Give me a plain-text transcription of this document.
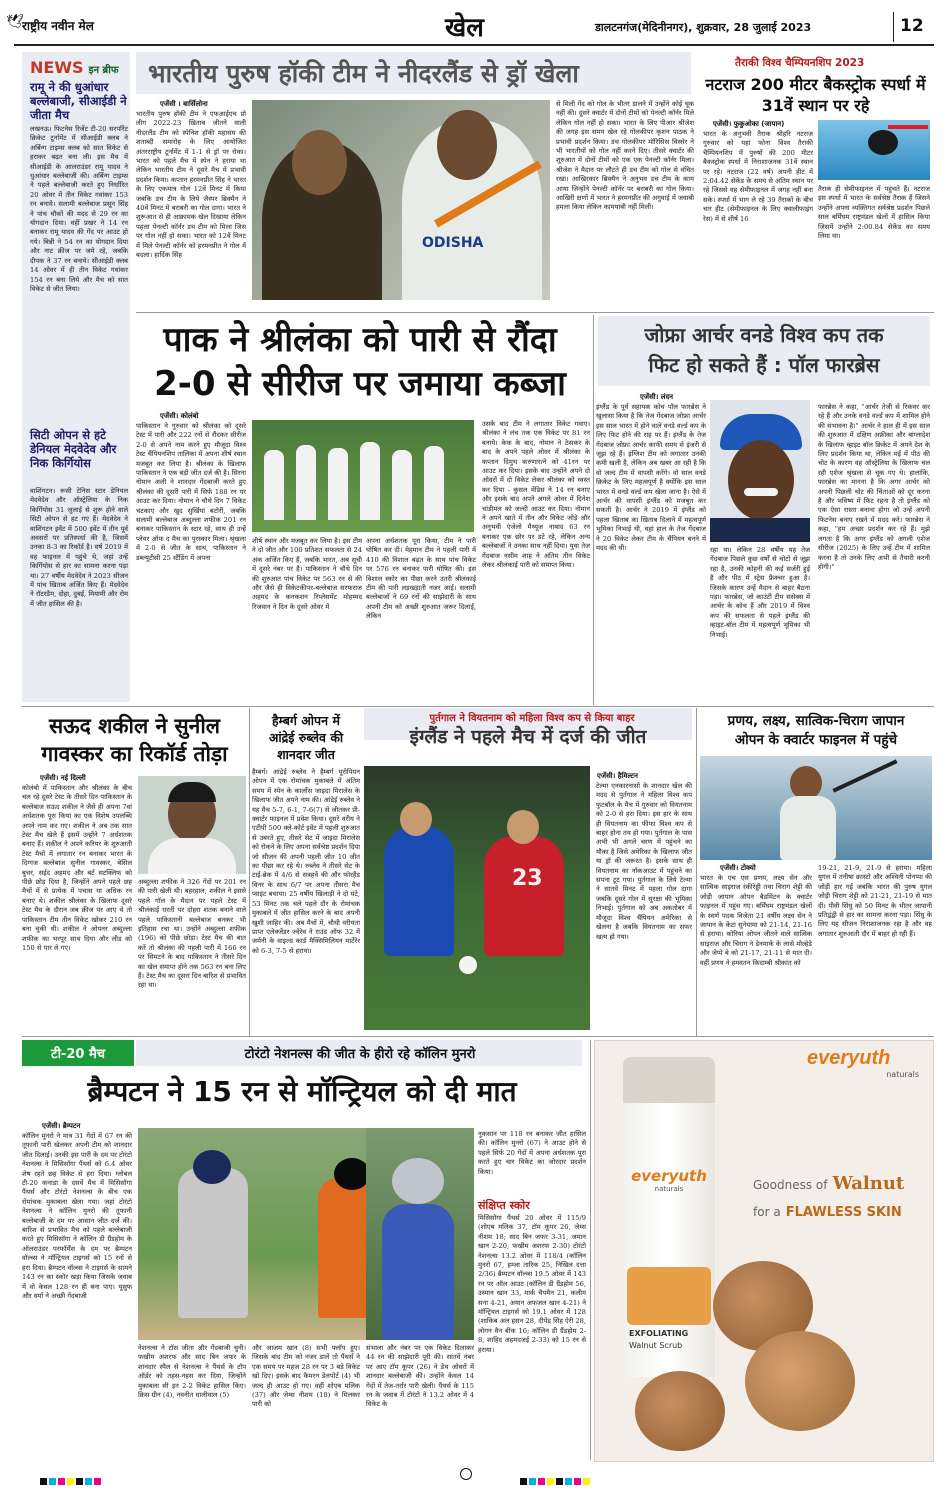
राष्ट्रीय नवीन मेल
🕊	खेल	डालटनगंज(मेदिनीनगर), शुक्रवार, 28 जुलाई 2023	12
NEWS इन ब्रीफ
रामू ने की धुआंधार बल्लेबाजी, सीआईडी ने जीता मैच
लखनऊ। फिटनेस रिजेंट टी-20 सरपरिंट क्रिकेट टूर्नामेंट में सीआईडी क्लब ने अर्बिन्ग टाइम्स क्लब को सात विकेट से हराकर बढ़त बना ली। इस मैच में सीआईडी के आलराउंडर रामू यादव ने धुआंधार बल्लेबाजी की। अर्बिन्ग टाइम्स ने पहले बल्लेबाजी करते हुए निर्धारित 20 ओवर में तीन विकेट गवांकर 153 रन बनाये। सलामी बल्लेबाज प्रसून सिंह ने पांच चौकों की मदद से 29 रन का योगदान दिया। वहीं प्रखर ने 14 रन बनाकर रामू यादव की गेंद पर आउट हो गये। बिन्नी ने 54 रन का योगदान दिया और नाट क्रीज पर जमे रहे, जबकि दीपक ने 37 रन बनाये। सीआईडी क्लब 14 ओवर में ही तीन विकेट गवांकर 154 रन बना लिये और मैच को सात विकेट से जीत लिया।
सिटी ओपन से हटे डेनियल मेदवेदेव और निक किर्गियोस
वाशिंगटन। रूसी टेनिस स्टार डेनियल मेदवेदेव और ऑस्ट्रेलिया के निक किर्गियोस 31 जुलाई से शुरू होने वाले सिटी ओपन से हट गए हैं। मेदवेदेव ने वाशिंगटन इवेंट में 500 इवेंट में तीन पूर्व अवसरों पर प्रतिस्पर्धा की है, जिसमें उनका 8-3 का रिकॉर्ड है। वर्ष 2019 में वह फाइनल में पहुंचे थे, जहां उन्हें किर्गियोस से हार का सामना करना पड़ा था। 27 वर्षीय मेदवेदेव ने 2023 सीजन में पांच खिताब अर्जित किए हैं। मेदवेदेव ने रॉटरडैम, दोहा, दुबई, मियामी और रोम में जीत हासिल की है।
भारतीय पुरुष हॉकी टीम ने नीदरलैंड से ड्रॉ खेला
एजेंसी । बार्सिलोना
भारतीय पुरुष हॉकी टीम ने एफआईएच प्रो लीग 2022-23 खिताब जीतने वाली नीदरलैंड टीम को स्पेनिश हॉकी महासंघ की शताब्दी समारोह के लिए आयोजित अंतरराष्ट्रीय टूर्नामेंट में 1-1 से ड्रॉ पर रोका। भारत को पहले मैच में स्पेन ने हराया था लेकिन भारतीय टीम ने दूसरे मैच में प्रभावी प्रदर्शन किया। कप्तान हरमनप्रीत सिंह ने भारत के लिए एकमात्र गोल 12वें मिनट में किया जबकि डच टीम के लिये जैस्पर ब्रिक्मैन ने 40वें मिनट में बराबरी का गोल दागा। भारत ने शुरूआत से ही आक्रामक खेल दिखाया लेकिन पहला पेनल्टी कॉर्नर डच टीम को मिला जिस पर गोल नहीं हो सका। भारत को 12वें मिनट में मिले पेनल्टी कॉर्नर को हरमनप्रीत ने गोल में बदला। हार्दिक सिंह
ODISHA
से मिली गेंद को गोल के भीतर डालने में उन्होंने कोई चूक नहीं की। दूसरे क्वार्टर में दोनों टीमों को पेनल्टी कॉर्नर मिले लेकिन गोल नहीं हो सका। भारत के लिए पीआर श्रीजेश की जगह इस समय खेल रहे गोलकीपर कृशन पाठक ने प्रभावी प्रदर्शन किया। डच गोलकीपर मॉरिसिस विस्सेर ने भी भारतीयों को गोल नहीं करने दिए। तीसरे क्वार्टर की शुरुआत में दोनों टीमों को एक एक पेनल्टी कॉर्नर मिला। श्रीजेश ने मैदान पर लौटते ही डच टीम को गोल से वंचित रखा। आखिरकार ब्रिक्मैन ने अनुभव डच टीम के काम आया जिन्होंने पेनल्टी कॉर्नर पर बराबरी का गोल किया। आखिरी क्षणों में भारत ने हरमनप्रीत की अगुवाई में जवाबी हमला किया लेकिन कामयाबी नहीं मिली।
तैराकी विश्व चैम्पियनशिप 2023
नटराज 200 मीटर बैकस्ट्रोक स्पर्धा में 31वें स्थान पर रहे
एजेंसी। फुकुओका (जापान)
भारत के अनुभवी तैराक श्रीहरि नटराज गुरुवार को यहां फोना विश्व तैराकी चैम्पियनशिप में पुरुषों की 200 मीटर बैकस्ट्रोक स्पर्धा में निराशाजनक 31वें स्थान पर रहे। नटराज (22 वर्ष) अपनी हीट में 2:04.42 सेकेंड के समय से अंतिम स्थान पर रहे जिससे वह सेमीफाइनल में जगह नहीं बना सके। स्पर्धा में भाग ले रहे 39 तैराकों के बीच चार हीट (सेमीफाइनल के लिए क्वालीफाइंग रेस) में से शीर्ष 16
तैराक ही सेमीफाइनल में पहुंचते हैं। नटराज इस स्पर्धा में भारत के सर्वश्रेष्ठ तैराक हैं जिसने उन्होंने अपना व्यक्तिगत सर्वश्रेष्ठ प्रदर्शन पिछले साल बर्मिंघम राष्ट्रमंडल खेलों में हासिल किया जिसमें उन्होंने 2:00.84 सेकेंड का समय लिया था।
पाक ने श्रीलंका को पारी से रौंदा
2-0 से सीरीज पर जमाया कब्जा
एजेंसी। कोलंबो
पाकिस्तान ने गुरुवार को श्रीलंका को दूसरे टेस्ट में पारी और 222 रनों से रौंदकर सीरीज 2-0 से अपने नाम करने हुए मौजूदा विश्व टेस्ट चैंपियनशिप तालिका में अपना शीर्ष स्थान मजबूत कर लिया है। श्रीलंका के खिलाफ पाकिस्तान ने एक बड़ी जीत दर्ज की है। सिरना नोमान अली ने शानदार गेंदबाजी करते हुए श्रीलंका की दूसरी पारी में सिर्फ 188 रन पर आउट कर दिया। नोमान ने चौथे दिन 7 विकेट चटकाए और खुद सुर्खियां बटोरीं, जबकि सलामी बल्लेबाज अब्दुल्ला शफीक 201 रन बनाकर पाकिस्तान के स्टार रहे, साथ ही उन्हें प्लेयर ऑफ द मैच का पुरस्कार मिला। श्रृंखला में 2-0 से जीत के साथ, पाकिस्तान ने डब्ल्यूटीसी 25 स्टैंडिंग में अपना
शीर्ष स्थान और मजबूत कर लिया है। इस टीम ने दो जीत और 100 प्रतिशत सफलता से 24 अंक अर्जित किए हैं, जबकि भारत, अब सूची में दूसरे नंबर पर है। पाकिस्तान ने चौथे दिन की शुरुआत पांच विकेट पर 563 रन से की और जैसे ही विकेटकीपर-बल्लेबाज सरफराज अहमद के कनकशन रिप्लेसमेंट मोहम्मद रिजवान ने दिन के दूसरे ओवर में
अपना अर्धशतक पूरा किया, टीम ने पारी घोषित कर दी। मेहमान टीम ने पहली पारी में 410 की विशाल बढ़त के साथ पांच विकेट पर 576 रन बनाकर पारी घोषित की। इस विशाल स्कोर का पीछा करने उतरी श्रीलंकाई टीम की पारी लड़खड़ाती नजर आई। सलामी बल्लेबाजों ने 69 रनों की साझेदारी के साथ अपनी टीम को अच्छी शुरुआत जरूर दिलाई, लेकिन
उसके बाद टीम ने लगातार विकेट गवाए। श्रीलंका ने लंच तक एक विकेट पर 81 रन बनाये। केक के बाद, नोमान ने ठेसकर के बाद के अपने पहले ओवर में श्रीलंका के कप्तान दिमुथ करुणारत्ने को 41रन पर आउट कर दिया। इसके बाद उन्होंने अपने दो ओवरों में दो विकेट लेकर श्रीलंका को ध्वस्त कर दिया - कुसल मेंडिस ने 14 रन बनाए और इसके बाद अपने अगले ओवर में दिनेश चांडीमल को जल्दी आउट कर दिया। नोमान ने अपने खाते में तीन और विकेट जोड़े और अनुभवी एंजेलो मैथ्यूज नाबाद 63 रन बनाकर एक छोर पर डटे रहे, लेकिन अन्य बल्लेबाजों ने उनका साथ नहीं दिया। युवा तेज गेंदबाज नसीम शाह ने अंतिम तीन विकेट लेकर श्रीलंकाई पारी को समाप्त किया।
जोफ्रा आर्चर वनडे विश्व कप तक
फिट हो सकते हैं : पॉल फारब्रेस
एजेंसी। लंदन
इंग्लैंड के पूर्व सहायक कोच पॉल फारब्रेस ने खुलासा किया है कि तेज गेंदबाज जोफ्रा आर्चर इस साल भारत में होने वाले वनडे वर्ल्ड कप के लिए फिट होने की राह पर हैं। इंग्लैंड के तेज गेंदबाज जोफ्रा आर्चर काफी समय से इंजरी से जूझ रहे हैं। इंग्लिश टीम को लगातार उनकी कमी खली है, लेकिन अब खबर आ रही है कि वो जल्द टीम में वापसी करेंगे। वो साल वनडे क्रिकेट के लिए महत्वपूर्ण है क्योंकि इस साल भारत में वनडे वर्ल्ड कप खेला जाना है। ऐसे में आर्चर की वापसी इंग्लैंड को मजबूत कर सकती है। आर्चर ने 2019 में इंग्लैंड को पहला खिताब का खिताब दिलाने में महत्वपूर्ण भूमिका निभाई थी, वहां हाल के तेज गेंदबाज ने 20 विकेट लेकर टीम के चैंपियन बनने में मदद की थी।	रहा था। लेकिन 28 वर्षीय यह तेज गेंदबाज पिछले कुछ वर्षों से चोटों से जूझ रहा है, उनकी कोहनी की कई सर्जरी हुई है और पीठ में स्ट्रेस फ्रैक्चर हुआ है। जिसके कारण उन्हें मैदान से बाहर बैठना पड़ा। फारब्रेस, जो काउंटी टीम ससेक्स में आर्चर के कोच हैं और 2019 में विश्व कप की सफलता से पहले इंग्लैंड की व्हाइट-बॉल टीम में महत्वपूर्ण भूमिका भी निभाई।
फारब्रेस ने कहा, "आर्चर तेजी से रिकवर कर रहे हैं और उनके वनडे वर्ल्ड कप में शामिल होने की संभावना है।" आर्चर ने हाल ही में इस साल की शुरुआत में दक्षिण अफ्रीका और बांग्लादेश के खिलाफ व्हाइट बॉल क्रिकेट में अपने देश के लिए प्रदर्शन किया था, लेकिन मई में पीठ की चोट के कारण वह ऑस्ट्रेलिया के खिलाफ चल रही एशेज श्रृंखला से चूक गए थे। हालांकि, फारब्रेस का मानना है कि अगर आर्चर को अपनी पिछली चोट की चिंताओं को दूर करना है और भविष्य में फिट रहना है तो इंग्लैंड को एक ऐसा रास्ता बनाना होगा जो उन्हें अपनी फिटनेस बनाए रखने में मदद करे। फारब्रेस ने कहा, "हम अच्छा प्रदर्शन कर रहे हैं। मुझे लगता है कि अगर इंग्लैंड को अगली एशेज सीरीज (2025) के लिए उन्हें टीम में शामिल करना है तो उनके लिए अभी से तैयारी करनी होगी।"
सऊद शकील ने सुनील
गावस्कर का रिकॉर्ड तोड़ा
एजेंसी। नई दिल्ली
कोलंबो में पाकिस्तान और श्रीलंका के बीच चल रहे दूसरे टेस्ट के तीसरे दिन पाकिस्तान के बल्लेबाज सऊद शकील ने जैसे ही अपना 7वां अर्धशतक पूरा किया का एक विशेष उपलब्धि अपने नाम कर गए। शकील ने अब तक सात टेस्ट मैच खेले हैं इसमें उन्होंने 7 अर्धशतक बनाए हैं। शकील ने अपने करियर के शुरुआती टेस्ट मैचों में लगातार रन बनाकर भारत के दिग्गज बल्लेबाज सुनील गावस्कर, बेसिल बुचर, सईद अहमद और बर्ट सटक्लिफ को पीछे छोड़ दिया है, जिन्होंने अपने पहले छह मैचों में से प्रत्येक में पचास या अधिक रन बनाए थे। शकील श्रीलंका के खिलाफ दूसरे टेस्ट मैच के दौरान जब क्रीज पर आए थे तो पाकिस्तान टीम तीन विकेट खोकर 210 रन बना चुकी थी। शकील ने ओपनर अब्दुल्ला शफीक का भरपूर साथ दिया और लीड को 150 से पार ले गए।
अब्दुल्ला शफीक ने 326 गेंदों पर 201 रन की पारी खेली थी। बहरहाल, शकील ने इससे पहले गॉल के मैदान पर पहले टेस्ट में श्रीलंकाई धरती पर दोहरा शतक बनाने वाले पहले पाकिस्तानी बल्लेबाज बनकर भी इतिहास रचा था। उन्होंने अब्दुल्ला शफीक (196) को पीछे छोड़ा। टेस्ट मैच की बात करें तो श्रीलंका की पहली पारी में 166 रन पर सिमटने के बाद पाकिस्तान ने तीसरे दिन का खेल समाप्त होने तक 563 रन बना लिए हैं। टेस्ट मैच का दूसरा दिन बारिश से प्रभावित रहा था।
हैम्बर्ग ओपन में
आंद्रेई रुब्लेव की
शानदार जीत
हैम्बर्ग। आंद्रेई रुब्लेव ने हैम्बर्ग यूरोपियन ओपन में एक रोमांचक मुकाबले में अंतिम समय में स्पेन के कार्लोस जाइदा मिरालेस के खिलाफ जीत अपने नाम की। आंद्रेई रुब्लेव ने यह मैच 5-7, 6-1, 7-6(7) से जीतकर प्री-क्वार्टर फाइनल में प्रवेश किया। दूसरे वरीय ने एटीपी 500 क्ले-कोर्ट इवेंट में पहली शुरुआत से उबरते हुए, तीसरे सेट में जाइदा मिरालेस को रोकने के लिए अपना सर्वश्रेष्ठ प्रदर्शन दिया जो सीजन की अपनी पहली जीत 10 जीत का पीछा कर रहे थे। रुब्लेव ने तीसरे सेट के टाई-ब्रेक में 4/6 से सत्रहवें की और फोरहैंड विनर के साथ 6/7 पर अपना तीसरा मैच प्वाइंट बचाया। 25 वर्षीय खिलाड़ी ने दो घंटे, 53 मिनट तक चले पहले दौर के रोमांचक मुकाबले में जीत हासिल करने के बाद अपनी खुशी जाहिर की। अब मैचों में, चौथी वरीयता प्राप्त एलेक्जेंडर ज्वेरेव ने राउंड ऑफ 32 में जर्मनी के वाइल्ड कार्ड मैक्सिमिलियन मार्टेरेर को 6-3, 7-5 से हराया।
पुर्तगाल ने वियतनाम को महिला विश्व कप से किया बाहर
इंग्लैंड ने पहले मैच में दर्ज की जीत
23
एजेंसी। हैमिल्टन
टेल्मा एनकारनासो के शानदार खेल की मदद से पुर्तगाल ने महिला विश्व कप फुटबॉल के मैच में गुरुवार को वियतनाम को 2-0 से हरा दिया। इस हार के साथ ही वियतनाम का फीफा विश्व कप से बाहर होना तय हो गया। पुर्तगाल के पास अभी भी अगले चरण में पहुंचने का मौका है जिसे अमेरिका के खिलाफ जीत या ड्रॉ की जरूरत है। इसके साथ ही वियतनाम का नॉकआउट में पहुंचने का सपना टूट गया। पुर्तगाल के लिये टेल्मा ने सातवें मिनट में पहला गोल दागा जबकि दूसरे गोल में सुरक्षा की भूमिका निभाई। पुर्तगाल को अब अकतोबर में मौजूदा विश्व चैंपियन अमेरिका से खेलना है जबकि वियतनाम का सफर खत्म हो गया।
प्रणय, लक्ष्य, सात्विक-चिराग जापान
ओपन के क्वार्टर फाइनल में पहुंचे
एजेंसी। टोक्यो
भारत के एच एस प्रणय, लक्ष्य सेन और सात्विक साइराज रंकीरेड्डी तथा चिराग शेट्टी की जोड़ी जापान ओपन बैडमिंटन के क्वार्टर फाइनल में पहुंच गए। बर्मिंघम राष्ट्रमंडल खेलों के स्वर्ण पदक विजेता 21 वर्षीय लक्ष्य सेन ने जापान के केंटा सुनेयामा को 21-14, 21-16 से हराया। कोरिया ओपन जीतने वाले सात्विक साइराज और चिराग ने डेनमार्क के लासे मोल्हेडे और जेप्पे बे को 21-17, 21-11 से मात दी। वहीं प्रणय ने हमवतन किदाम्बी श्रीकांत को
19-21, 21-9, 21-9 से हराया। महिला युगल में तनीषा क्रास्टो और अश्विनी पोनप्पा की जोड़ी हार गई जबकि भारत की पुरुष युगल जोड़ी चिराग शेट्टी को 21-21, 21-19 से मात दी। पीवी सिंधु को 50 मिनट के भीतर जापानी प्रतिद्वंद्वी से हार का सामना करना पड़ा। सिंधु के लिए यह सीजन निराशाजनक रहा है और वह लगातार शुरुआती दौर में बाहर हो रही हैं।
टी-20 मैच	टोरंटो नेशनल्स की जीत के हीरो रहे कॉलिन मुनरो
ब्रैम्पटन ने 15 रन से मॉन्ट्रियल को दी मात
एजेंसी। ब्रैम्पटन
कॉलिन मुनरो ने मात्र 31 गेंदों में 67 रन की तूफानी पारी खेलकर अपनी टीम को शानदार जीत दिलाई। उनकी इस पारी के दम पर टोरंटो नेशनल्स ने मिसिसॉगा पैंथर्स को 6.4 ओवर शेष रहते छह विकेट से हरा दिया। ग्लोबल टी-20 कनाडा के दसवें मैच में मिसिसॉगा पैंथर्स और टोरंटो नेशनल्स के बीच एक रोमांचक मुकाबला खेला गया। जहां टोरंटो नेशनल्स ने कॉलिन मुनरो की तूफानी बल्लेबाजी के दम पर आसान जीत दर्ज की। बारिश से प्रभावित मैच को पहले बल्लेबाजी करते हुए मिसिसॉगा ने कॉलिन डी ग्रैंडहोम के ऑलराउंडर परफॉर्मेंस के दम पर ब्रैम्पटन वॉल्व्स ने मॉन्ट्रियल टाइगर्स को 15 रनों से हरा दिया। ब्रैम्पटन वॉल्व्स ने टाइगर्स के सामने 143 रन का स्कोर खड़ा किया जिसके जवाब में वो केवल 128 रन ही बना पाए। यूसुफ और वर्मा ने अच्छी गेंदबाजी
नेशनल्स ने टॉस जीता और गेंदबाजी चुनी। फखीम अशरफ और साद बिन जफर के शानदार स्पैल से नेशनल्स ने पैंथर्स के टॉप ऑर्डर को तहस-नहस कर दिया, जिन्होंने मुकाबला सी इन 2-2 विकेट हासिल किए। क्रिस ग्रीन (4), नवनीत धालीवाल (5)
और आजम खान (8) सभी फ्लॉप हुए। जिसके बाद टीम को नजर डालें तो पैंथर्स ने एक समय पर महज 28 रन पर 3 बड़े विकेट खो दिए। इसके बाद कैमरन डेलपोर्ट (4) भी जल्द ही आउट हो गए। वहीं शोएब मलिक (37) और जेम्स नीशम (18) ने मिलकर पारी को
संभाला और नंबर पर एक विकेट दिलाकर 44 रन की साझेदारी पूरी की। सातवें नंबर पर आए टॉम कूपर (26) ने डेथ ओवरों में शानदार बल्लेबाजी की। उन्होंने केवल 14 गेंदों में तेज-तर्रार पारी खेली। पैंथर्स के 115 रन के जवाब में टोरंटो ने 13.2 ओवर में 4 विकेट के
नुकसान पर 118 रन बनाकर जीत हासिल की। कॉलिन मुनरो (67) ने आउट होने से पहले सिर्फ 20 गेंदों में अपना अर्धशतक पूरा करते हुए चार विकेट का जोरदार प्रदर्शन किया।
संक्षिप्त स्कोर
मिसिसॉगा पैंथर्स 20 ओवर में 115/9 (शोएब मलिक 37, टॉम कूपर 26, जेम्स नीशम 18; साद बिन जफर 3-31, जमान खान 2-20, फखीम अशरफ 2-30) टोरंटो नेशनल्स 13.2 ओवर में 118/4 (कॉलिन मुनरो 67, हम्जा तारिक 25, निखिल दत्ता 2/36) ब्रैम्पटन वॉल्व्स 19.5 ओवर में 143 रन पर ऑल आउट (कॉलिन डी ग्रैंडहोम 56, उस्मान खान 33, मार्क चैपमैन 21, कलीम सना 4-21, अयान अफजल खान 4-21) ने मॉन्ट्रियल टाइगर्स को 19.1 ओवर में 128 (शाकिब अल हसन 28, दीपेंद्र सिंह ऐरी 28, लोगन वैन बीक 16; कॉलिन डी ग्रैंडहोम 2-8, शाहिद अहमदजई 2-33) को 15 रन से हराया।
everyuth
naturals
everyuth
naturals
EXFOLIATING
Walnut Scrub
Goodness of Walnut
for a FLAWLESS SKIN
